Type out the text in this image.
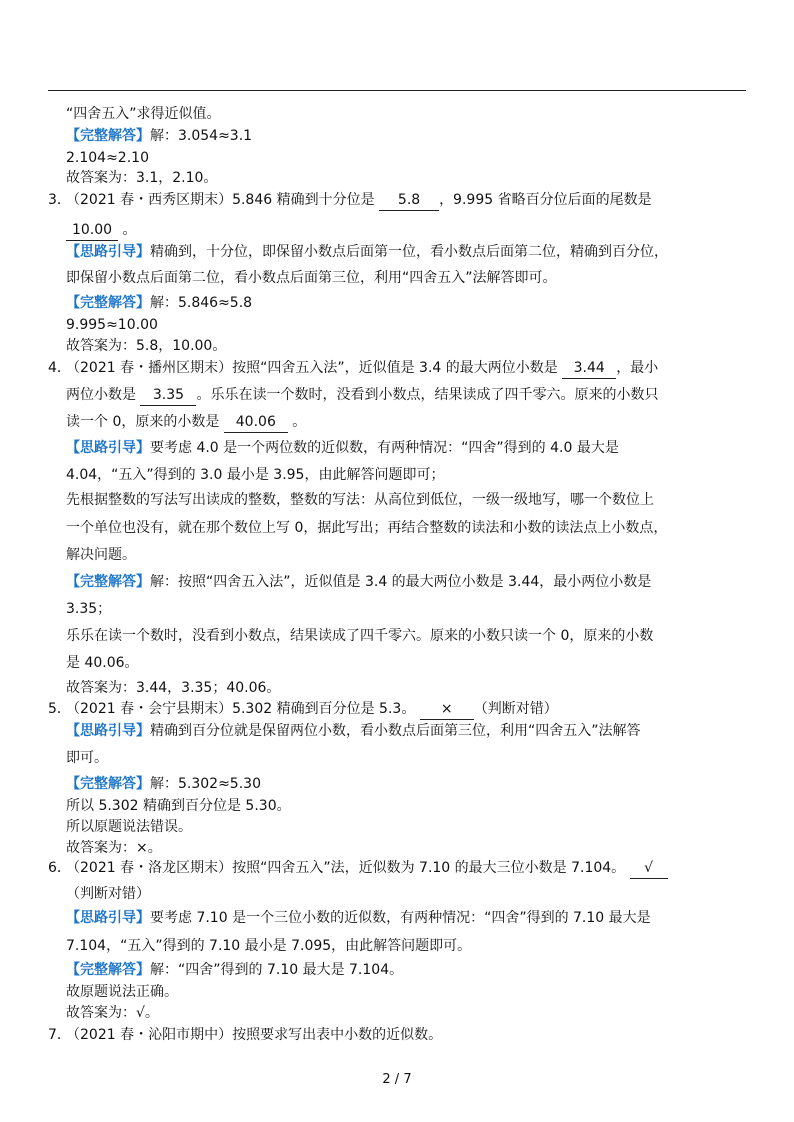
“四舍五入”求得近似值。
【完整解答】解：3.054≈3.1
2.104≈2.10
故答案为：3.1，2.10。
3．
（2021 春・西秀区期末）5.846 精确到十分位是 5.8 ，9.995 省略百分位后面的尾数是
10.00 。
【思路引导】精确到，十分位，即保留小数点后面第一位，看小数点后面第二位，精确到百分位，
即保留小数点后面第二位，看小数点后面第三位，利用“四舍五入”法解答即可。
【完整解答】解：5.846≈5.8
9.995≈10.00
故答案为：5.8，10.00。
4．
（2021 春・播州区期末）按照“四舍五入法”，近似值是 3.4 的最大两位小数是 3.44 ，最小
两位小数是 3.35 。乐乐在读一个数时，没看到小数点，结果读成了四千零六。原来的小数只
读一个 0，原来的小数是 40.06 。
【思路引导】要考虑 4.0 是一个两位数的近似数，有两种情况：“四舍”得到的 4.0 最大是
4.04，“五入”得到的 3.0 最小是 3.95，由此解答问题即可；
先根据整数的写法写出读成的整数，整数的写法：从高位到低位，一级一级地写，哪一个数位上
一个单位也没有，就在那个数位上写 0，据此写出；再结合整数的读法和小数的读法点上小数点，
解决问题。
【完整解答】解：按照“四舍五入法”，近似值是 3.4 的最大两位小数是 3.44，最小两位小数是
3.35；
乐乐在读一个数时，没看到小数点，结果读成了四千零六。原来的小数只读一个 0，原来的小数
是 40.06。
故答案为：3.44，3.35；40.06。
5．
（2021 春・会宁县期末）5.302 精确到百分位是 5.3。 × （判断对错）
【思路引导】精确到百分位就是保留两位小数，看小数点后面第三位，利用“四舍五入”法解答
即可。
【完整解答】解：5.302≈5.30
所以 5.302 精确到百分位是 5.30。
所以原题说法错误。
故答案为：×。
6．
（2021 春・洛龙区期末）按照“四舍五入”法，近似数为 7.10 的最大三位小数是 7.104。 √
（判断对错）
【思路引导】要考虑 7.10 是一个三位小数的近似数，有两种情况：“四舍”得到的 7.10 最大是
7.104，“五入”得到的 7.10 最小是 7.095，由此解答问题即可。
【完整解答】解：“四舍”得到的 7.10 最大是 7.104。
故原题说法正确。
故答案为：√。
7．
（2021 春・沁阳市期中）按照要求写出表中小数的近似数。
2 / 7
